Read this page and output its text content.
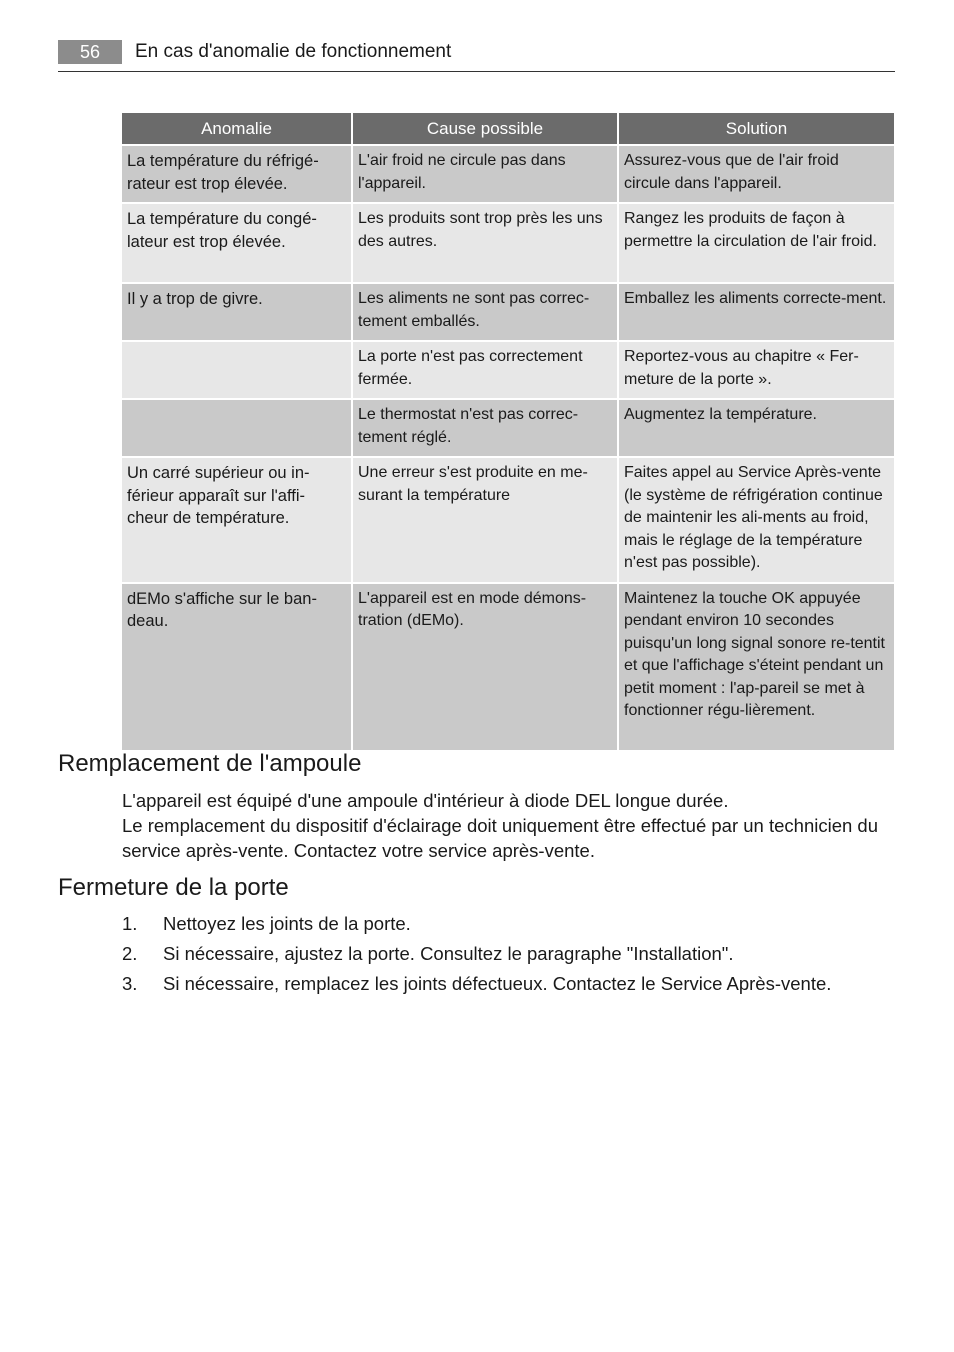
56	En cas d'anomalie de fonctionnement
Anomalie	Cause possible	Solution
La température du réfrigé-rateur est trop élevée.	L'air froid ne circule pas dans l'appareil.	Assurez-vous que de l'air froid circule dans l'appareil.
La température du congé-lateur est trop élevée.	Les produits sont trop près les uns des autres.	Rangez les produits de façon à permettre la circulation de l'air froid.
Il y a trop de givre.	Les aliments ne sont pas correc-tement emballés.	Emballez les aliments correcte-ment.
	La porte n'est pas correctement fermée.	Reportez-vous au chapitre « Fer-meture de la porte ».
	Le thermostat n'est pas correc-tement réglé.	Augmentez la température.
Un carré supérieur ou in-férieur apparaît sur l'affi-cheur de température.	Une erreur s'est produite en me-surant la température	Faites appel au Service Après-vente (le système de réfrigération continue de maintenir les ali-ments au froid, mais le réglage de la température n'est pas possible).
dEMo s'affiche sur le ban-deau.	L'appareil est en mode démons-tration (dEMo).	Maintenez la touche OK appuyée pendant environ 10 secondes puisqu'un long signal sonore re-tentit et que l'affichage s'éteint pendant un petit moment : l'ap-pareil se met à fonctionner régu-lièrement.
Remplacement de l'ampoule

L'appareil est équipé d'une ampoule d'intérieur à diode DEL longue durée.

Le remplacement du dispositif d'éclairage doit uniquement être effectué par un technicien du service après-vente. Contactez votre service après-vente.

Fermeture de la porte
1. Nettoyez les joints de la porte.
2. Si nécessaire, ajustez la porte. Consultez le paragraphe "Installation".
3. Si nécessaire, remplacez les joints défectueux. Contactez le Service Après-vente.
